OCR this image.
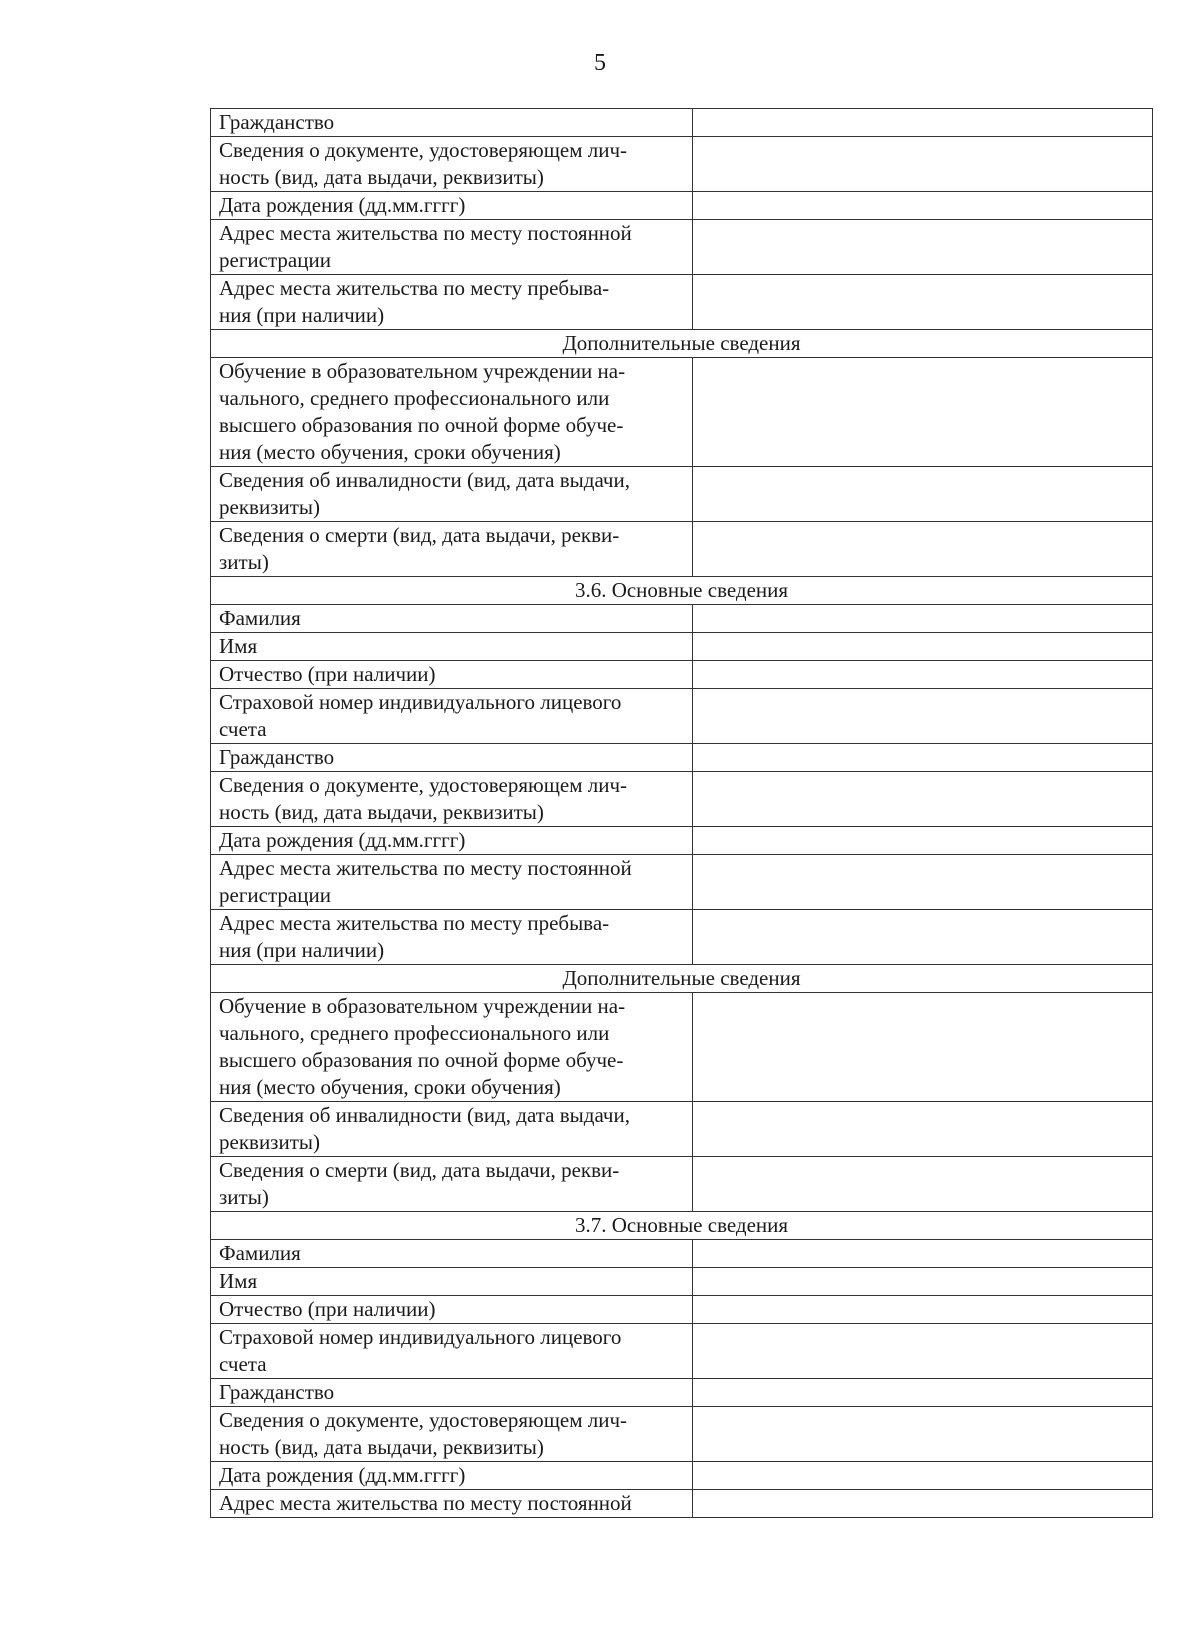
5
Гражданство	

Сведения о документе, удостоверяющем лич-
ность (вид, дата выдачи, реквизиты)	

Дата рождения (дд.мм.гггг)	

Адрес места жительства по месту постоянной
регистрации	

Адрес места жительства по месту пребыва-
ния (при наличии)	

Дополнительные сведения	

Обучение в образовательном учреждении на-
чального, среднего профессионального или
высшего образования по очной форме обуче-
ния (место обучения, сроки обучения)	

Сведения об инвалидности (вид, дата выдачи,
реквизиты)	

Сведения о смерти (вид, дата выдачи, рекви-
зиты)	

3.6. Основные сведения	

Фамилия	

Имя	

Отчество (при наличии)	

Страховой номер индивидуального лицевого
счета	

Гражданство	

Сведения о документе, удостоверяющем лич-
ность (вид, дата выдачи, реквизиты)	

Дата рождения (дд.мм.гггг)	

Адрес места жительства по месту постоянной
регистрации	

Адрес места жительства по месту пребыва-
ния (при наличии)	

Дополнительные сведения	

Обучение в образовательном учреждении на-
чального, среднего профессионального или
высшего образования по очной форме обуче-
ния (место обучения, сроки обучения)	

Сведения об инвалидности (вид, дата выдачи,
реквизиты)	

Сведения о смерти (вид, дата выдачи, рекви-
зиты)	

3.7. Основные сведения	

Фамилия	

Имя	

Отчество (при наличии)	

Страховой номер индивидуального лицевого
счета	

Гражданство	

Сведения о документе, удостоверяющем лич-
ность (вид, дата выдачи, реквизиты)	

Дата рождения (дд.мм.гггг)	

Адрес места жительства по месту постоянной	
